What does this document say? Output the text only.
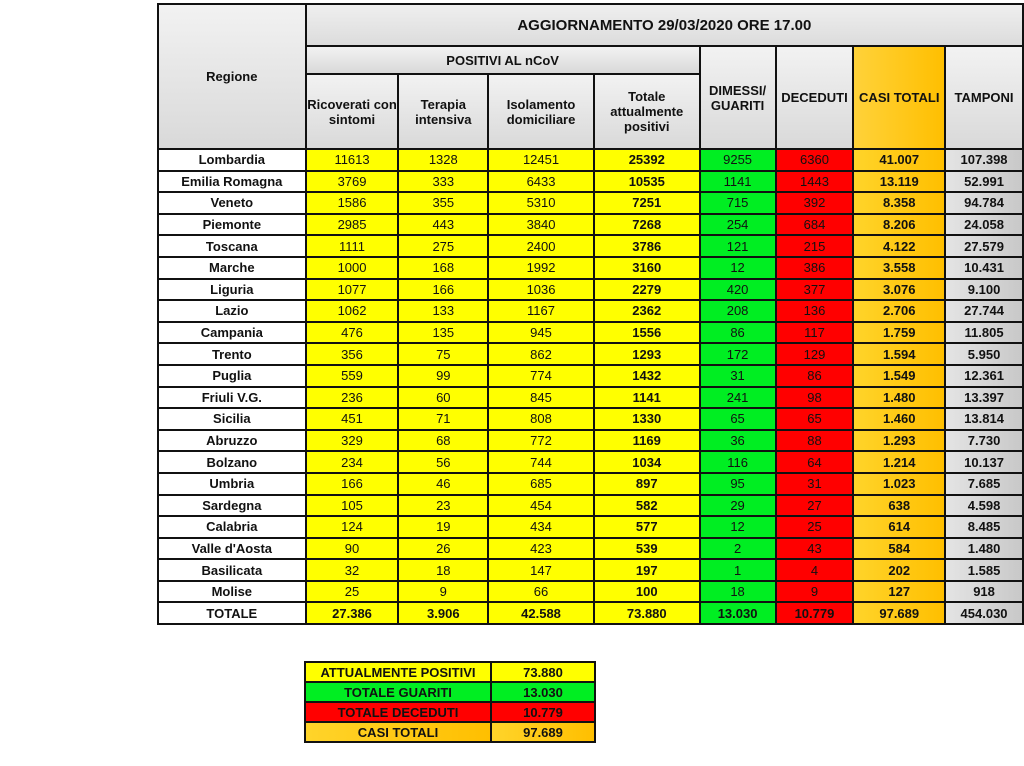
Regione	AGGIORNAMENTO 29/03/2020 ORE 17.00							
	POSITIVI AL nCoV				DIMESSI/ GUARITI	DECEDUTI	CASI TOTALI	TAMPONI
	Ricoverati con sintomi	Terapia intensiva	Isolamento domiciliare	Totale attualmente positivi				
Lombardia	11613	1328	12451	25392	9255	6360	41.007	107.398
Emilia Romagna	3769	333	6433	10535	1141	1443	13.119	52.991
Veneto	1586	355	5310	7251	715	392	8.358	94.784
Piemonte	2985	443	3840	7268	254	684	8.206	24.058
Toscana	1111	275	2400	3786	121	215	4.122	27.579
Marche	1000	168	1992	3160	12	386	3.558	10.431
Liguria	1077	166	1036	2279	420	377	3.076	9.100
Lazio	1062	133	1167	2362	208	136	2.706	27.744
Campania	476	135	945	1556	86	117	1.759	11.805
Trento	356	75	862	1293	172	129	1.594	5.950
Puglia	559	99	774	1432	31	86	1.549	12.361
Friuli V.G.	236	60	845	1141	241	98	1.480	13.397
Sicilia	451	71	808	1330	65	65	1.460	13.814
Abruzzo	329	68	772	1169	36	88	1.293	7.730
Bolzano	234	56	744	1034	116	64	1.214	10.137
Umbria	166	46	685	897	95	31	1.023	7.685
Sardegna	105	23	454	582	29	27	638	4.598
Calabria	124	19	434	577	12	25	614	8.485
Valle d'Aosta	90	26	423	539	2	43	584	1.480
Basilicata	32	18	147	197	1	4	202	1.585
Molise	25	9	66	100	18	9	127	918
TOTALE	27.386	3.906	42.588	73.880	13.030	10.779	97.689	454.030
ATTUALMENTE POSITIVI	73.880
TOTALE GUARITI	13.030
TOTALE DECEDUTI	10.779
CASI TOTALI	97.689
